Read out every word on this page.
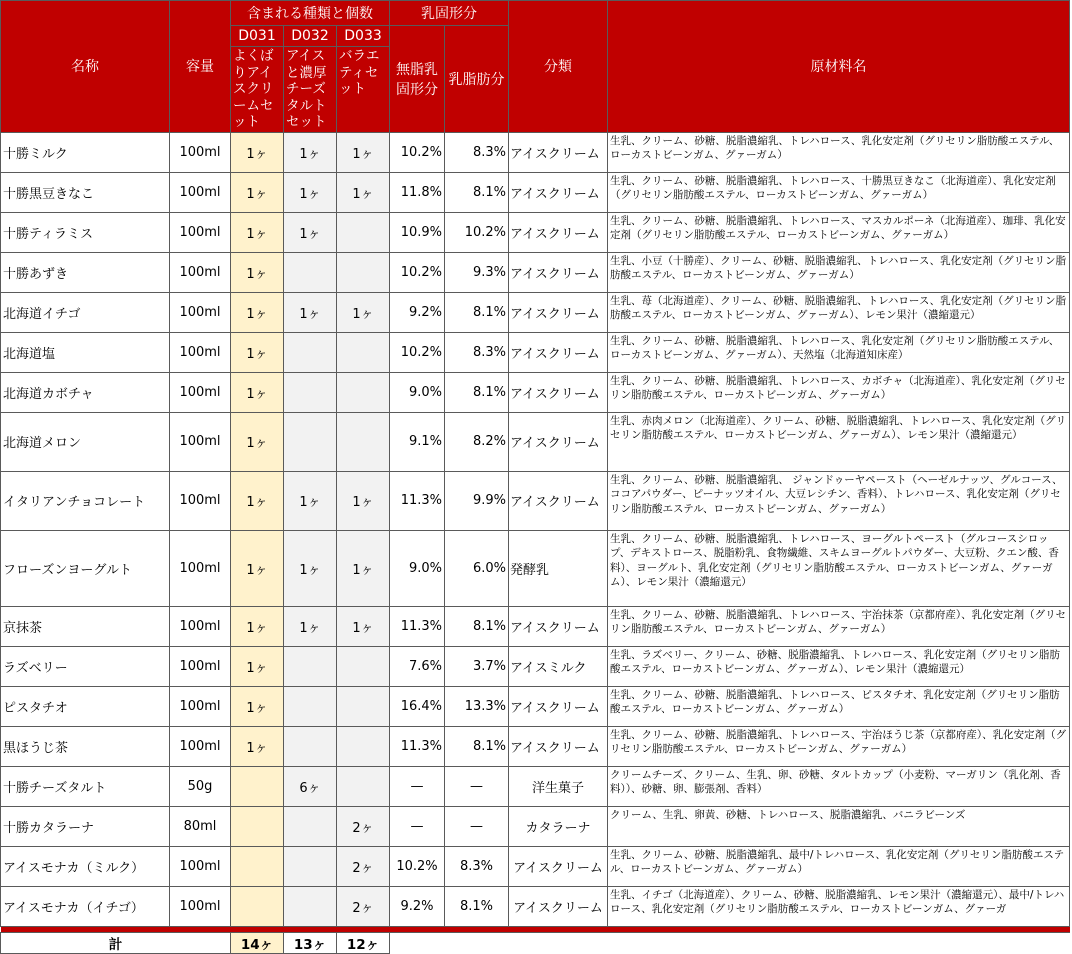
名称	容量	含まれる種類と個数			乳固形分		分類	原材料名
		D031	D032	D033	無脂乳固形分	乳脂肪分		
		よくばりアイスクリームセット	アイスと濃厚チーズタルトセット	バラエティセット				
十勝ミルク	100ml	1ヶ	1ヶ	1ヶ	10.2%	8.3%	アイスクリーム	生乳、クリーム、砂糖、脱脂濃縮乳、トレハロース、乳化安定剤（グリセリン脂肪酸エステル、ローカストビーンガム、グァーガム）
十勝黒豆きなこ	100ml	1ヶ	1ヶ	1ヶ	11.8%	8.1%	アイスクリーム	生乳、クリーム、砂糖、脱脂濃縮乳、トレハロース、十勝黒豆きなこ（北海道産）、乳化安定剤（グリセリン脂肪酸エステル、ローカストビーンガム、グァーガム）
十勝ティラミス	100ml	1ヶ	1ヶ		10.9%	10.2%	アイスクリーム	生乳、クリーム、砂糖、脱脂濃縮乳、トレハロース、マスカルポーネ（北海道産）、珈琲、乳化安定剤（グリセリン脂肪酸エステル、ローカストビーンガム、グァーガム）
十勝あずき	100ml	1ヶ			10.2%	9.3%	アイスクリーム	生乳、小豆（十勝産）、クリーム、砂糖、脱脂濃縮乳、トレハロース、乳化安定剤（グリセリン脂肪酸エステル、ローカストビーンガム、グァーガム）
北海道イチゴ	100ml	1ヶ	1ヶ	1ヶ	9.2%	8.1%	アイスクリーム	生乳、苺（北海道産）、クリーム、砂糖、脱脂濃縮乳、トレハロース、乳化安定剤（グリセリン脂肪酸エステル、ローカストビーンガム、グァーガム）、レモン果汁（濃縮還元）
北海道塩	100ml	1ヶ			10.2%	8.3%	アイスクリーム	生乳、クリーム、砂糖、脱脂濃縮乳、トレハロース、乳化安定剤（グリセリン脂肪酸エステル、ローカストビーンガム、グァーガム）、天然塩（北海道知床産）
北海道カボチャ	100ml	1ヶ			9.0%	8.1%	アイスクリーム	生乳、クリーム、砂糖、脱脂濃縮乳、トレハロース、カボチャ（北海道産）、乳化安定剤（グリセリン脂肪酸エステル、ローカストビーンガム、グァーガム）
北海道メロン	100ml	1ヶ			9.1%	8.2%	アイスクリーム	生乳、赤肉メロン（北海道産）、クリーム、砂糖、脱脂濃縮乳、トレハロース、乳化安定剤（グリセリン脂肪酸エステル、ローカストビーンガム、グァーガム）、レモン果汁（濃縮還元）
イタリアンチョコレート	100ml	1ヶ	1ヶ	1ヶ	11.3%	9.9%	アイスクリーム	生乳、クリーム、砂糖、脱脂濃縮乳、 ジャンドゥーヤペースト（ヘーゼルナッツ、グルコース、ココアパウダー、ピーナッツオイル、大豆レシチン、香料）、トレハロース、乳化安定剤（グリセリン脂肪酸エステル、ローカストビーンガム、グァーガム）
フローズンヨーグルト	100ml	1ヶ	1ヶ	1ヶ	9.0%	6.0%	発酵乳	生乳、クリーム、砂糖、脱脂濃縮乳、トレハロース、ヨーグルトペースト（グルコースシロップ、デキストロース、脱脂粉乳、食物繊維、スキムヨーグルトパウダー、大豆粉、クエン酸、香料）、ヨーグルト、乳化安定剤（グリセリン脂肪酸エステル、ローカストビーンガム、グァーガム）、レモン果汁（濃縮還元）
京抹茶	100ml	1ヶ	1ヶ	1ヶ	11.3%	8.1%	アイスクリーム	生乳、クリーム、砂糖、脱脂濃縮乳、トレハロース、宇治抹茶（京都府産）、乳化安定剤（グリセリン脂肪酸エステル、ローカストビーンガム、グァーガム）
ラズベリー	100ml	1ヶ			7.6%	3.7%	アイスミルク	生乳、ラズベリー、クリーム、砂糖、脱脂濃縮乳、トレハロース、乳化安定剤（グリセリン脂肪酸エステル、ローカストビーンガム、グァーガム）、レモン果汁（濃縮還元）
ピスタチオ	100ml	1ヶ			16.4%	13.3%	アイスクリーム	生乳、クリーム、砂糖、脱脂濃縮乳、トレハロース、ピスタチオ、乳化安定剤（グリセリン脂肪酸エステル、ローカストビーンガム、グァーガム）
黒ほうじ茶	100ml	1ヶ			11.3%	8.1%	アイスクリーム	生乳、クリーム、砂糖、脱脂濃縮乳、トレハロース、宇治ほうじ茶（京都府産）、乳化安定剤（グリセリン脂肪酸エステル、ローカストビーンガム、グァーガム）
十勝チーズタルト	50g		6ヶ		—	—	洋生菓子	クリームチーズ、クリーム、生乳、卵、砂糖、タルトカップ（小麦粉、マーガリン（乳化剤、香料））、砂糖、卵、膨張剤、香料）
十勝カタラーナ	80ml			2ヶ	—	—	カタラーナ	クリーム、生乳、卵黄、砂糖、トレハロース、脱脂濃縮乳、バニラビーンズ
アイスモナカ（ミルク）	100ml			2ヶ	10.2%	8.3%	アイスクリーム	生乳、クリーム、砂糖、脱脂濃縮乳、最中/トレハロース、乳化安定剤（グリセリン脂肪酸エステル、ローカストビーンガム、グァーガム）
アイスモナカ（イチゴ）	100ml			2ヶ	9.2%	8.1%	アイスクリーム	生乳、イチゴ（北海道産）、クリーム、砂糖、脱脂濃縮乳、レモン果汁（濃縮還元）、最中/トレハロース、乳化安定剤（グリセリン脂肪酸エステル、ローカストビーンガム、グァーガ

計		14ヶ	13ヶ	12ヶ				
